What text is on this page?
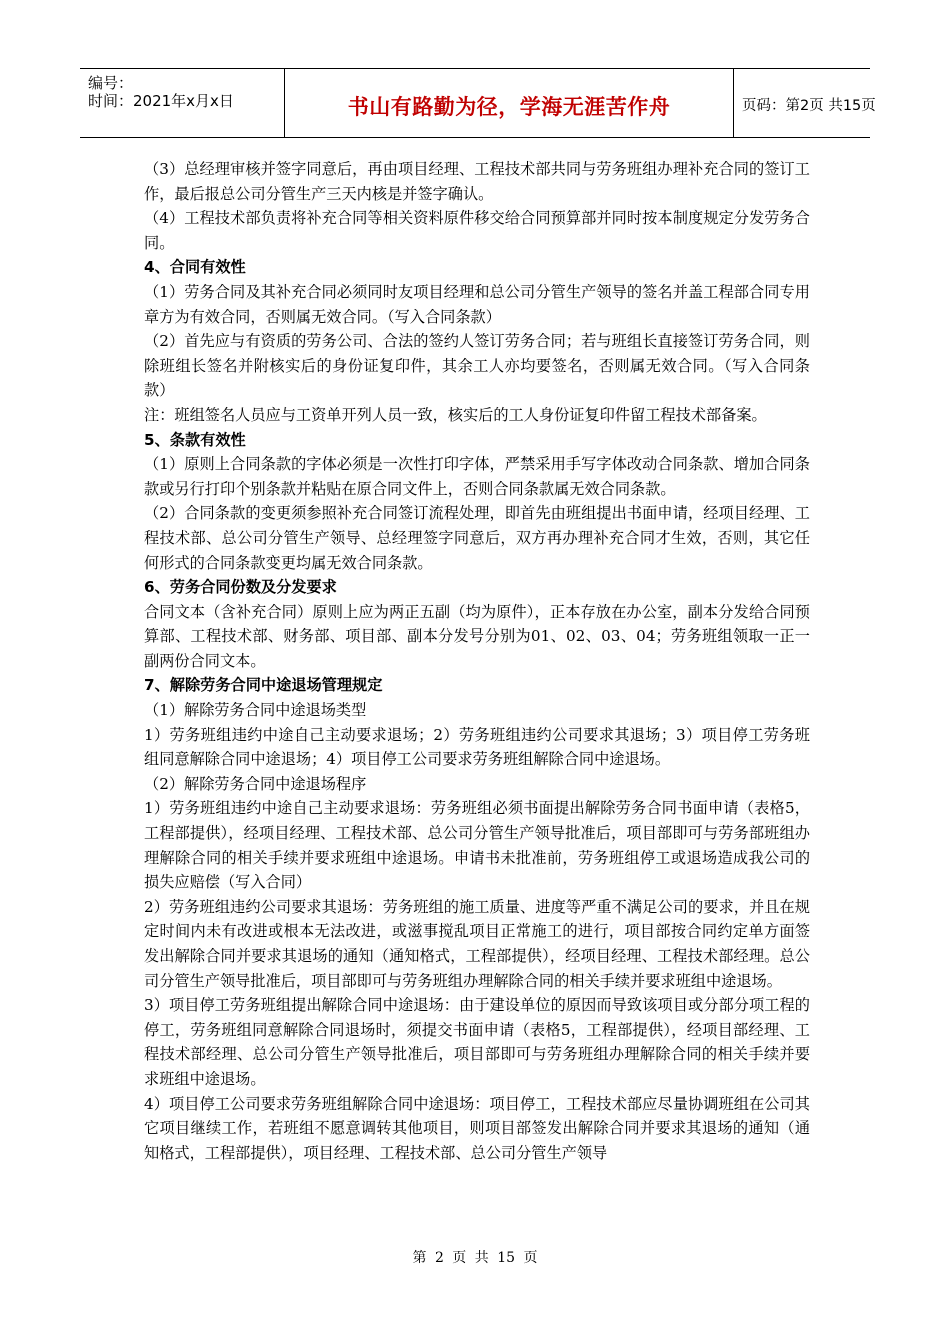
编号：
时间：2021年x月x日	书山有路勤为径，学海无涯苦作舟	页码：第2页 共15页

（3）总经理审核并签字同意后，再由项目经理、工程技术部共同与劳务班组办理补充合同的签订工作，最后报总公司分管生产三天内核是并签字确认。

（4）工程技术部负责将补充合同等相关资料原件移交给合同预算部并同时按本制度规定分发劳务合同。

4、合同有效性

（1）劳务合同及其补充合同必须同时友项目经理和总公司分管生产领导的签名并盖工程部合同专用章方为有效合同，否则属无效合同。（写入合同条款）

（2）首先应与有资质的劳务公司、合法的签约人签订劳务合同；若与班组长直接签订劳务合同，则除班组长签名并附核实后的身份证复印件，其余工人亦均要签名，否则属无效合同。（写入合同条款）

注：班组签名人员应与工资单开列人员一致，核实后的工人身份证复印件留工程技术部备案。

5、条款有效性

（1）原则上合同条款的字体必须是一次性打印字体，严禁采用手写字体改动合同条款、增加合同条款或另行打印个别条款并粘贴在原合同文件上，否则合同条款属无效合同条款。

（2）合同条款的变更须参照补充合同签订流程处理，即首先由班组提出书面申请，经项目经理、工程技术部、总公司分管生产领导、总经理签字同意后，双方再办理补充合同才生效，否则，其它任何形式的合同条款变更均属无效合同条款。

6、劳务合同份数及分发要求

合同文本（含补充合同）原则上应为两正五副（均为原件），正本存放在办公室，副本分发给合同预算部、工程技术部、财务部、项目部、副本分发号分别为01、02、03、04；劳务班组领取一正一副两份合同文本。

7、解除劳务合同中途退场管理规定

（1）解除劳务合同中途退场类型

1）劳务班组违约中途自己主动要求退场；2）劳务班组违约公司要求其退场；3）项目停工劳务班组同意解除合同中途退场；4）项目停工公司要求劳务班组解除合同中途退场。

（2）解除劳务合同中途退场程序

1）劳务班组违约中途自己主动要求退场：劳务班组必须书面提出解除劳务合同书面申请（表格5，工程部提供），经项目经理、工程技术部、总公司分管生产领导批准后，项目部即可与劳务部班组办理解除合同的相关手续并要求班组中途退场。申请书未批准前，劳务班组停工或退场造成我公司的损失应赔偿（写入合同）

2）劳务班组违约公司要求其退场：劳务班组的施工质量、进度等严重不满足公司的要求，并且在规定时间内未有改进或根本无法改进，或滋事搅乱项目正常施工的进行，项目部按合同约定单方面签发出解除合同并要求其退场的通知（通知格式，工程部提供），经项目经理、工程技术部经理。总公司分管生产领导批准后，项目部即可与劳务班组办理解除合同的相关手续并要求班组中途退场。

3）项目停工劳务班组提出解除合同中途退场：由于建设单位的原因而导致该项目或分部分项工程的停工，劳务班组同意解除合同退场时，须提交书面申请（表格5，工程部提供），经项目部经理、工程技术部经理、总公司分管生产领导批准后，项目部即可与劳务班组办理解除合同的相关手续并要求班组中途退场。

4）项目停工公司要求劳务班组解除合同中途退场：项目停工，工程技术部应尽量协调班组在公司其它项目继续工作，若班组不愿意调转其他项目，则项目部签发出解除合同并要求其退场的通知（通知格式，工程部提供），项目经理、工程技术部、总公司分管生产领导

第 2 页 共 15 页
